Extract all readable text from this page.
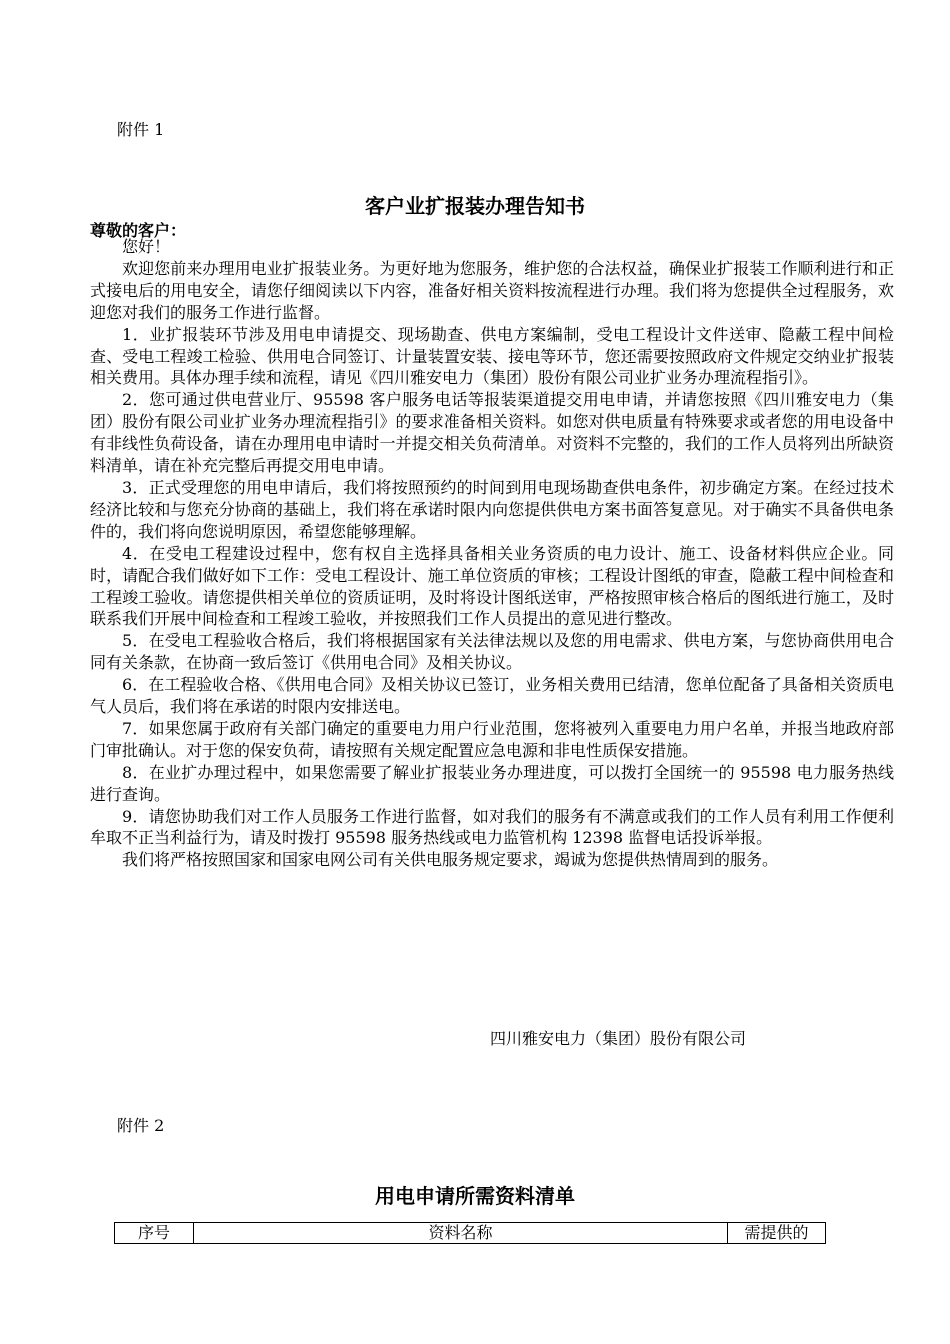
附件 1
客户业扩报装办理告知书
尊敬的客户：

您好！

欢迎您前来办理用电业扩报装业务。为更好地为您服务，维护您的合法权益，确保业扩报装工作顺利进行和正式接电后的用电安全，请您仔细阅读以下内容，准备好相关资料按流程进行办理。我们将为您提供全过程服务，欢迎您对我们的服务工作进行监督。

1．业扩报装环节涉及用电申请提交、现场勘查、供电方案编制，受电工程设计文件送审、隐蔽工程中间检查、受电工程竣工检验、供用电合同签订、计量装置安装、接电等环节，您还需要按照政府文件规定交纳业扩报装相关费用。具体办理手续和流程，请见《四川雅安电力（集团）股份有限公司业扩业务办理流程指引》。

2．您可通过供电营业厅、95598 客户服务电话等报装渠道提交用电申请，并请您按照《四川雅安电力（集团）股份有限公司业扩业务办理流程指引》的要求准备相关资料。如您对供电质量有特殊要求或者您的用电设备中有非线性负荷设备，请在办理用电申请时一并提交相关负荷清单。对资料不完整的，我们的工作人员将列出所缺资料清单，请在补充完整后再提交用电申请。

3．正式受理您的用电申请后，我们将按照预约的时间到用电现场勘查供电条件，初步确定方案。在经过技术经济比较和与您充分协商的基础上，我们将在承诺时限内向您提供供电方案书面答复意见。对于确实不具备供电条件的，我们将向您说明原因，希望您能够理解。

4．在受电工程建设过程中，您有权自主选择具备相关业务资质的电力设计、施工、设备材料供应企业。同时，请配合我们做好如下工作：受电工程设计、施工单位资质的审核；工程设计图纸的审查，隐蔽工程中间检查和工程竣工验收。请您提供相关单位的资质证明，及时将设计图纸送审，严格按照审核合格后的图纸进行施工，及时联系我们开展中间检查和工程竣工验收，并按照我们工作人员提出的意见进行整改。

5．在受电工程验收合格后，我们将根据国家有关法律法规以及您的用电需求、供电方案，与您协商供用电合同有关条款，在协商一致后签订《供用电合同》及相关协议。

6．在工程验收合格、《供用电合同》及相关协议已签订，业务相关费用已结清，您单位配备了具备相关资质电气人员后，我们将在承诺的时限内安排送电。

7．如果您属于政府有关部门确定的重要电力用户行业范围，您将被列入重要电力用户名单，并报当地政府部门审批确认。对于您的保安负荷，请按照有关规定配置应急电源和非电性质保安措施。

8．在业扩办理过程中，如果您需要了解业扩报装业务办理进度，可以拨打全国统一的 95598 电力服务热线进行查询。

9．请您协助我们对工作人员服务工作进行监督，如对我们的服务有不满意或我们的工作人员有利用工作便利牟取不正当利益行为，请及时拨打 95598 服务热线或电力监管机构 12398 监督电话投诉举报。

我们将严格按照国家和国家电网公司有关供电服务规定要求，竭诚为您提供热情周到的服务。

四川雅安电力（集团）股份有限公司
附件 2
用电申请所需资料清单
序号	资料名称	需提供的
